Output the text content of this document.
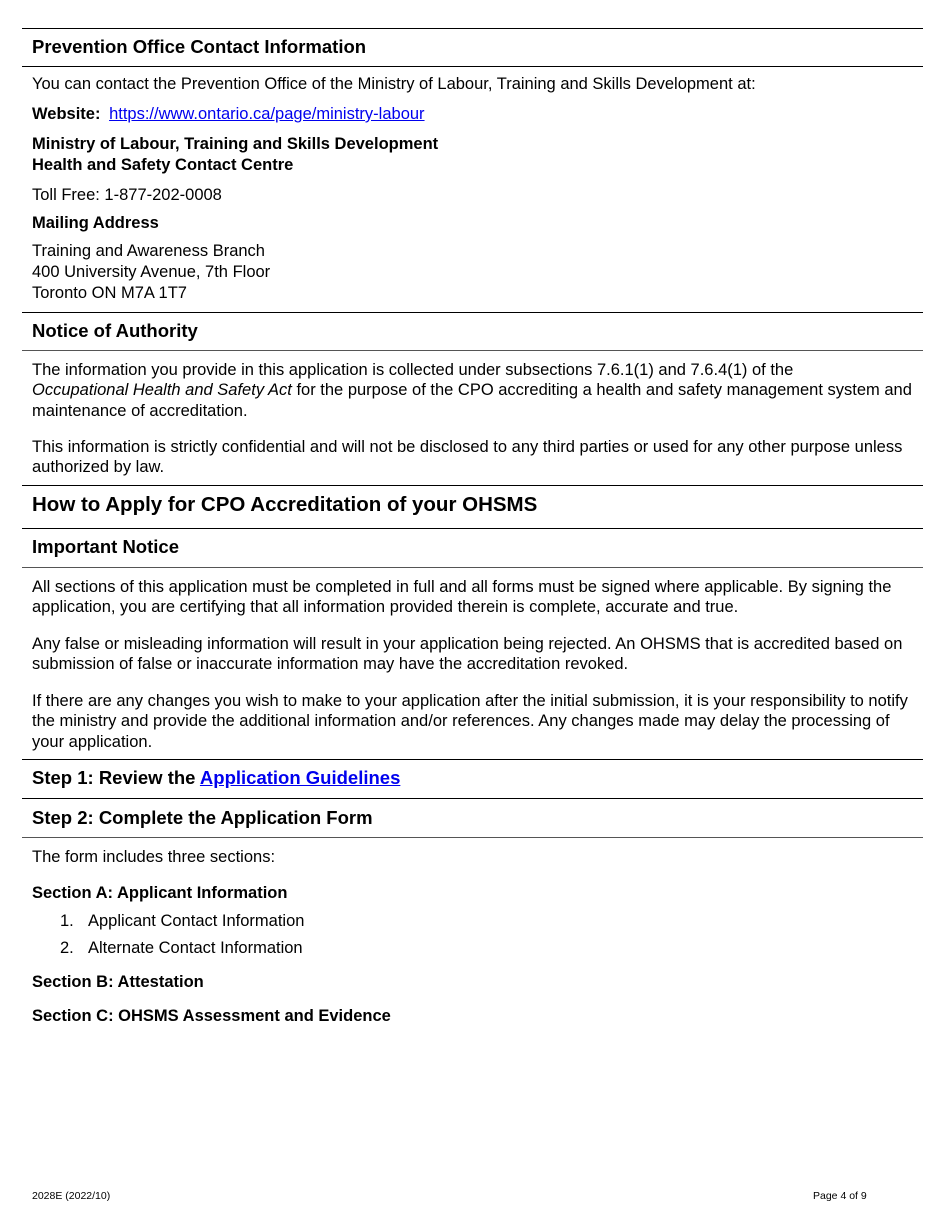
Prevention Office Contact Information
You can contact the Prevention Office of the Ministry of Labour, Training and Skills Development at:
Website: https://www.ontario.ca/page/ministry-labour
Ministry of Labour, Training and Skills Development
Health and Safety Contact Centre
Toll Free: 1-877-202-0008
Mailing Address
Training and Awareness Branch
400 University Avenue, 7th Floor
Toronto ON M7A 1T7
Notice of Authority
The information you provide in this application is collected under subsections 7.6.1(1) and 7.6.4(1) of the
Occupational Health and Safety Act for the purpose of the CPO accrediting a health and safety management system and maintenance of accreditation.
This information is strictly confidential and will not be disclosed to any third parties or used for any other purpose unless authorized by law.
How to Apply for CPO Accreditation of your OHSMS
Important Notice
All sections of this application must be completed in full and all forms must be signed where applicable. By signing the application, you are certifying that all information provided therein is complete, accurate and true.
Any false or misleading information will result in your application being rejected. An OHSMS that is accredited based on submission of false or inaccurate information may have the accreditation revoked.
If there are any changes you wish to make to your application after the initial submission, it is your responsibility to notify the ministry and provide the additional information and/or references. Any changes made may delay the processing of your application.
Step 1: Review the Application Guidelines
Step 2: Complete the Application Form
The form includes three sections:
Section A: Applicant Information
1. Applicant Contact Information
2. Alternate Contact Information
Section B: Attestation
Section C: OHSMS Assessment and Evidence
2028E (2022/10)	Page 4 of 9
